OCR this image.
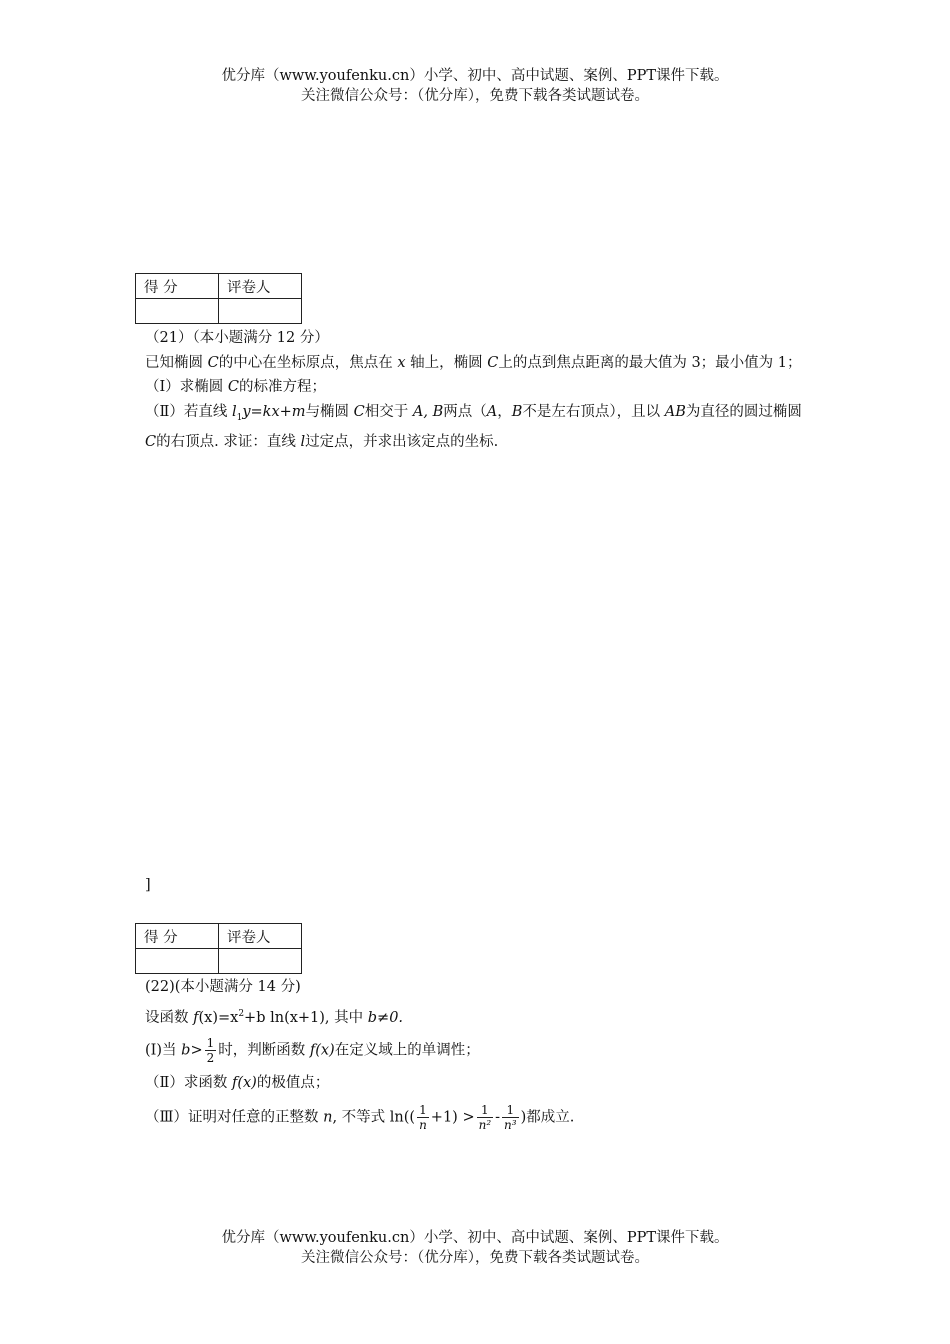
优分库（www.youfenku.cn）小学、初中、高中试题、案例、PPT课件下载。
关注微信公众号：（优分库），免费下载各类试题试卷。
得 分	评卷人

（21）（本小题满分 12 分）
已知椭圆 C的中心在坐标原点，焦点在 x 轴上，椭圆 C上的点到焦点距离的最大值为 3；最小值为 1；
（Ⅰ）求椭圆 C的标准方程；
（Ⅱ）若直线 $l_1y=kx+m$与椭圆 C相交于 A, B两点（A，B不是左右顶点），且以 AB为直径的圆过椭圆 C的右顶点. 求证：直线 l过定点，并求出该定点的坐标.
]
得 分	评卷人

(22)(本小题满分 14 分)
设函数 $f(x)=x^2+b$ ln(x+1), 其中 b≠0.
(Ⅰ)当 $b> \frac{1}{2}$ 时，判断函数 f(x)在定义域上的单调性；
（Ⅱ）求函数 f(x)的极值点；
（Ⅲ）证明对任意的正整数 n, 不等式 $\ln(( \frac{1}{n} +1) > \frac{1}{\text{n²}} - \frac{1}{\text{n³}}$ )都成立.
优分库（www.youfenku.cn）小学、初中、高中试题、案例、PPT课件下载。
关注微信公众号：（优分库），免费下载各类试题试卷。
